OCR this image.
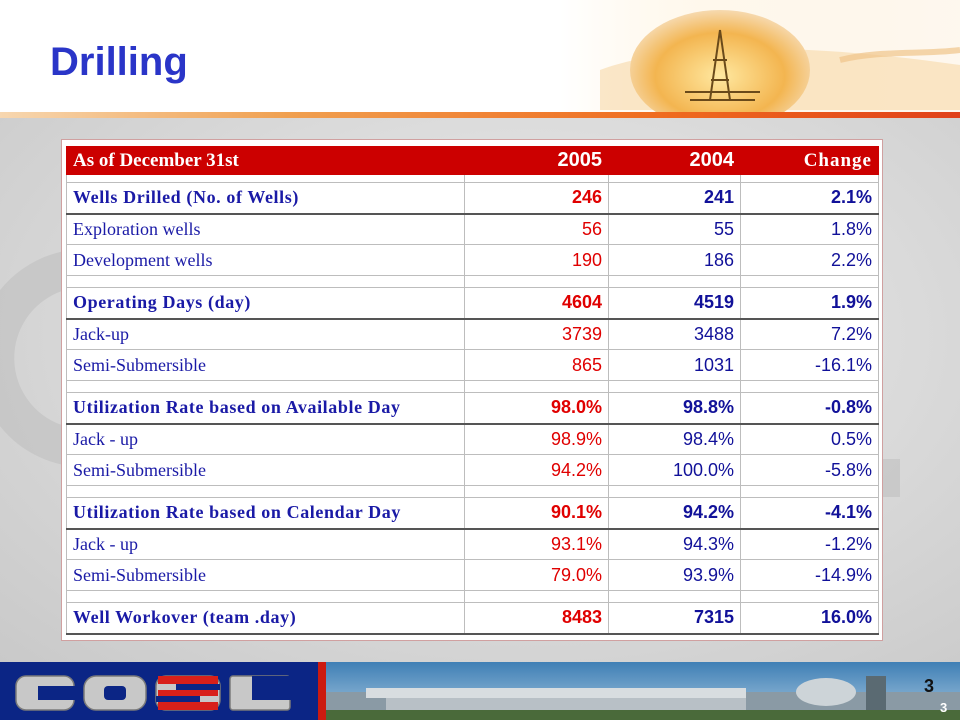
Drilling
As of December 31st	2005	2004	Change

Wells Drilled (No. of Wells)	246	241	2.1%
Exploration wells	56	55	1.8%
Development wells	190	186	2.2%

Operating Days (day)	4604	4519	1.9%
Jack-up	3739	3488	7.2%
Semi-Submersible	865	1031	-16.1%

Utilization Rate based on Available Day	98.0%	98.8%	-0.8%
Jack - up	98.9%	98.4%	0.5%
Semi-Submersible	94.2%	100.0%	-5.8%

Utilization Rate based on Calendar Day	90.1%	94.2%	-4.1%
Jack - up	93.1%	94.3%	-1.2%
Semi-Submersible	79.0%	93.9%	-14.9%

Well Workover (team .day)	8483	7315	16.0%
3
3
